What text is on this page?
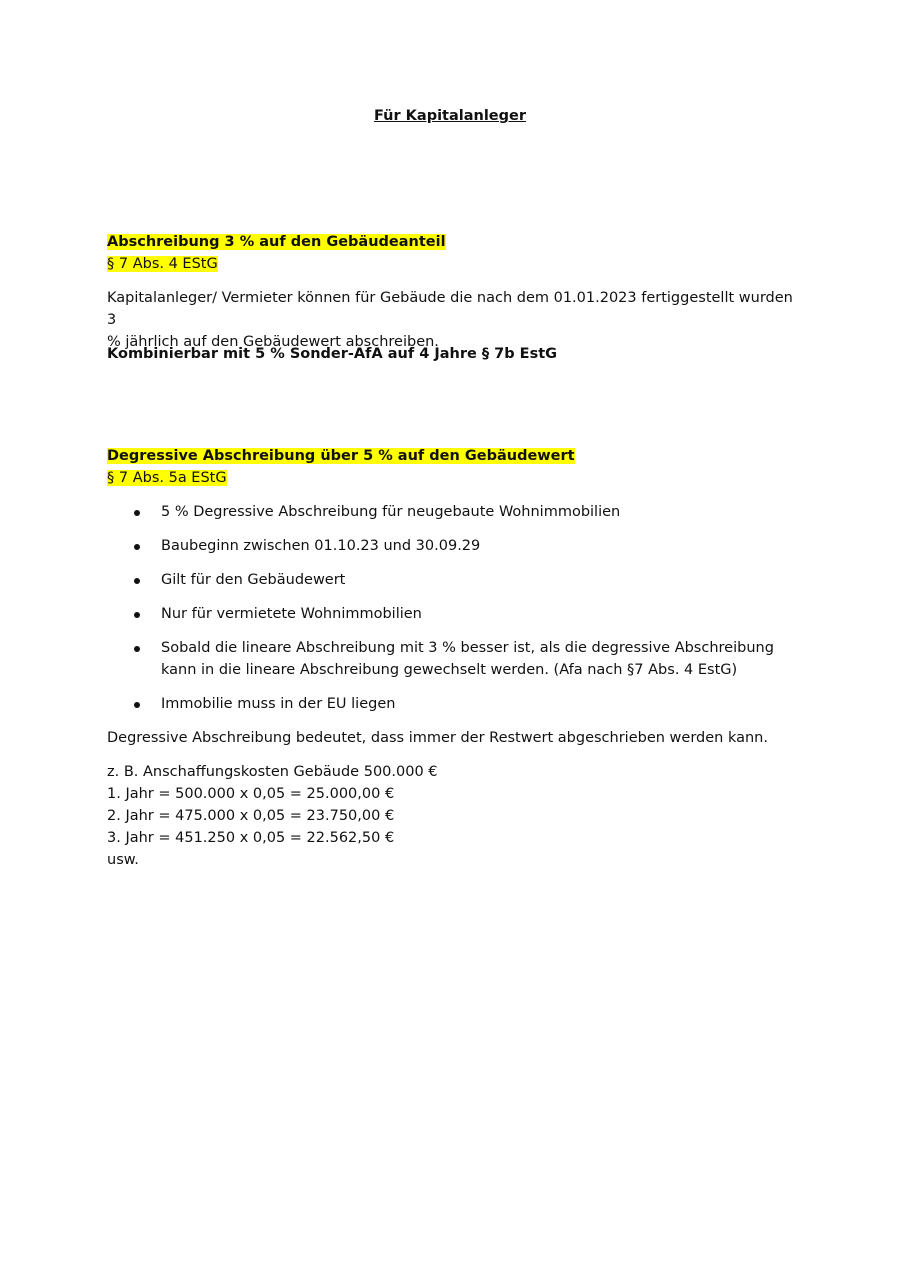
Für Kapitalanleger

Abschreibung 3 % auf den Gebäudeanteil

§ 7 Abs. 4 EStG

Kapitalanleger/ Vermieter können für Gebäude die nach dem 01.01.2023 fertiggestellt wurden 3

% jährlich auf den Gebäudewert abschreiben.

Kombinierbar mit 5 % Sonder-AfA auf 4 Jahre § 7b EstG

Degressive Abschreibung über 5 % auf den Gebäudewert

§ 7 Abs. 5a EStG

5 % Degressive Abschreibung für neugebaute Wohnimmobilien
Baubeginn zwischen 01.10.23 und 30.09.29
Gilt für den Gebäudewert
Nur für vermietete Wohnimmobilien
Sobald die lineare Abschreibung mit 3 % besser ist, als die degressive Abschreibung
kann in die lineare Abschreibung gewechselt werden. (Afa nach §7 Abs. 4 EstG)
Immobilie muss in der EU liegen

Degressive Abschreibung bedeutet, dass immer der Restwert abgeschrieben werden kann.

z. B. Anschaffungskosten Gebäude 500.000 €

1. Jahr = 500.000 x 0,05 = 25.000,00 €

2. Jahr = 475.000 x 0,05 = 23.750,00 €

3. Jahr = 451.250 x 0,05 = 22.562,50 €

usw.
